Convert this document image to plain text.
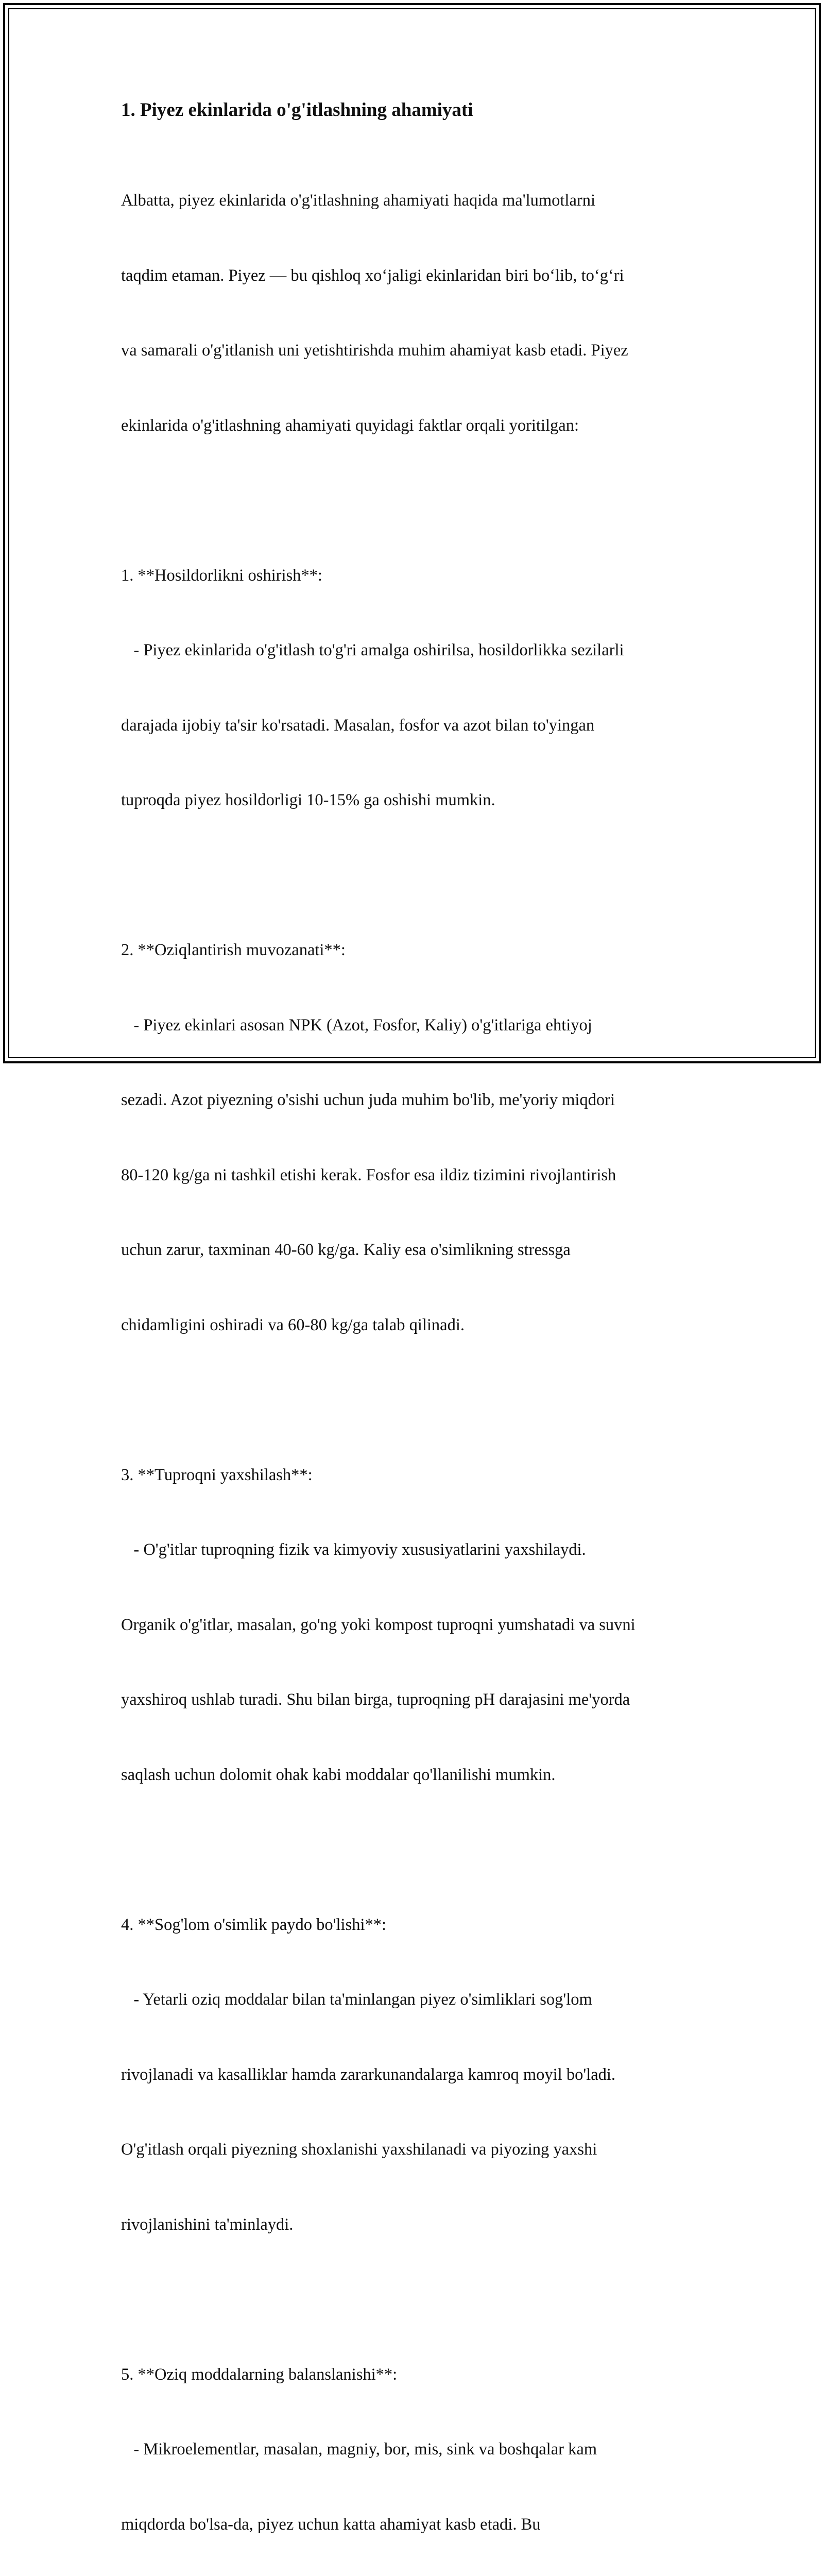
1. Piyez ekinlarida o'g'itlashning ahamiyati

Albatta, piyez ekinlarida o'g'itlashning ahamiyati haqida ma'lumotlarni

taqdim etaman. Piyez — bu qishloq xo‘jaligi ekinlaridan biri bo‘lib, to‘g‘ri

va samarali o'g'itlanish uni yetishtirishda muhim ahamiyat kasb etadi. Piyez

ekinlarida o'g'itlashning ahamiyati quyidagi faktlar orqali yoritilgan:

1. **Hosildorlikni oshirish**:

- Piyez ekinlarida o'g'itlash to'g'ri amalga oshirilsa, hosildorlikka sezilarli

darajada ijobiy ta'sir ko'rsatadi. Masalan, fosfor va azot bilan to'yingan

tuproqda piyez hosildorligi 10-15% ga oshishi mumkin.

2. **Oziqlantirish muvozanati**:

- Piyez ekinlari asosan NPK (Azot, Fosfor, Kaliy) o'g'itlariga ehtiyoj

sezadi. Azot piyezning o'sishi uchun juda muhim bo'lib, me'yoriy miqdori

80-120 kg/ga ni tashkil etishi kerak. Fosfor esa ildiz tizimini rivojlantirish

uchun zarur, taxminan 40-60 kg/ga. Kaliy esa o'simlikning stressga

chidamligini oshiradi va 60-80 kg/ga talab qilinadi.

3. **Tuproqni yaxshilash**:

- O'g'itlar tuproqning fizik va kimyoviy xususiyatlarini yaxshilaydi.

Organik o'g'itlar, masalan, go'ng yoki kompost tuproqni yumshatadi va suvni

yaxshiroq ushlab turadi. Shu bilan birga, tuproqning pH darajasini me'yorda

saqlash uchun dolomit ohak kabi moddalar qo'llanilishi mumkin.

4. **Sog'lom o'simlik paydo bo'lishi**:

- Yetarli oziq moddalar bilan ta'minlangan piyez o'simliklari sog'lom

rivojlanadi va kasalliklar hamda zararkunandalarga kamroq moyil bo'ladi.

O'g'itlash orqali piyezning shoxlanishi yaxshilanadi va piyozing yaxshi

rivojlanishini ta'minlaydi.

5. **Oziq moddalarning balanslanishi**:

- Mikroelementlar, masalan, magniy, bor, mis, sink va boshqalar kam

miqdorda bo'lsa-da, piyez uchun katta ahamiyat kasb etadi. Bu
